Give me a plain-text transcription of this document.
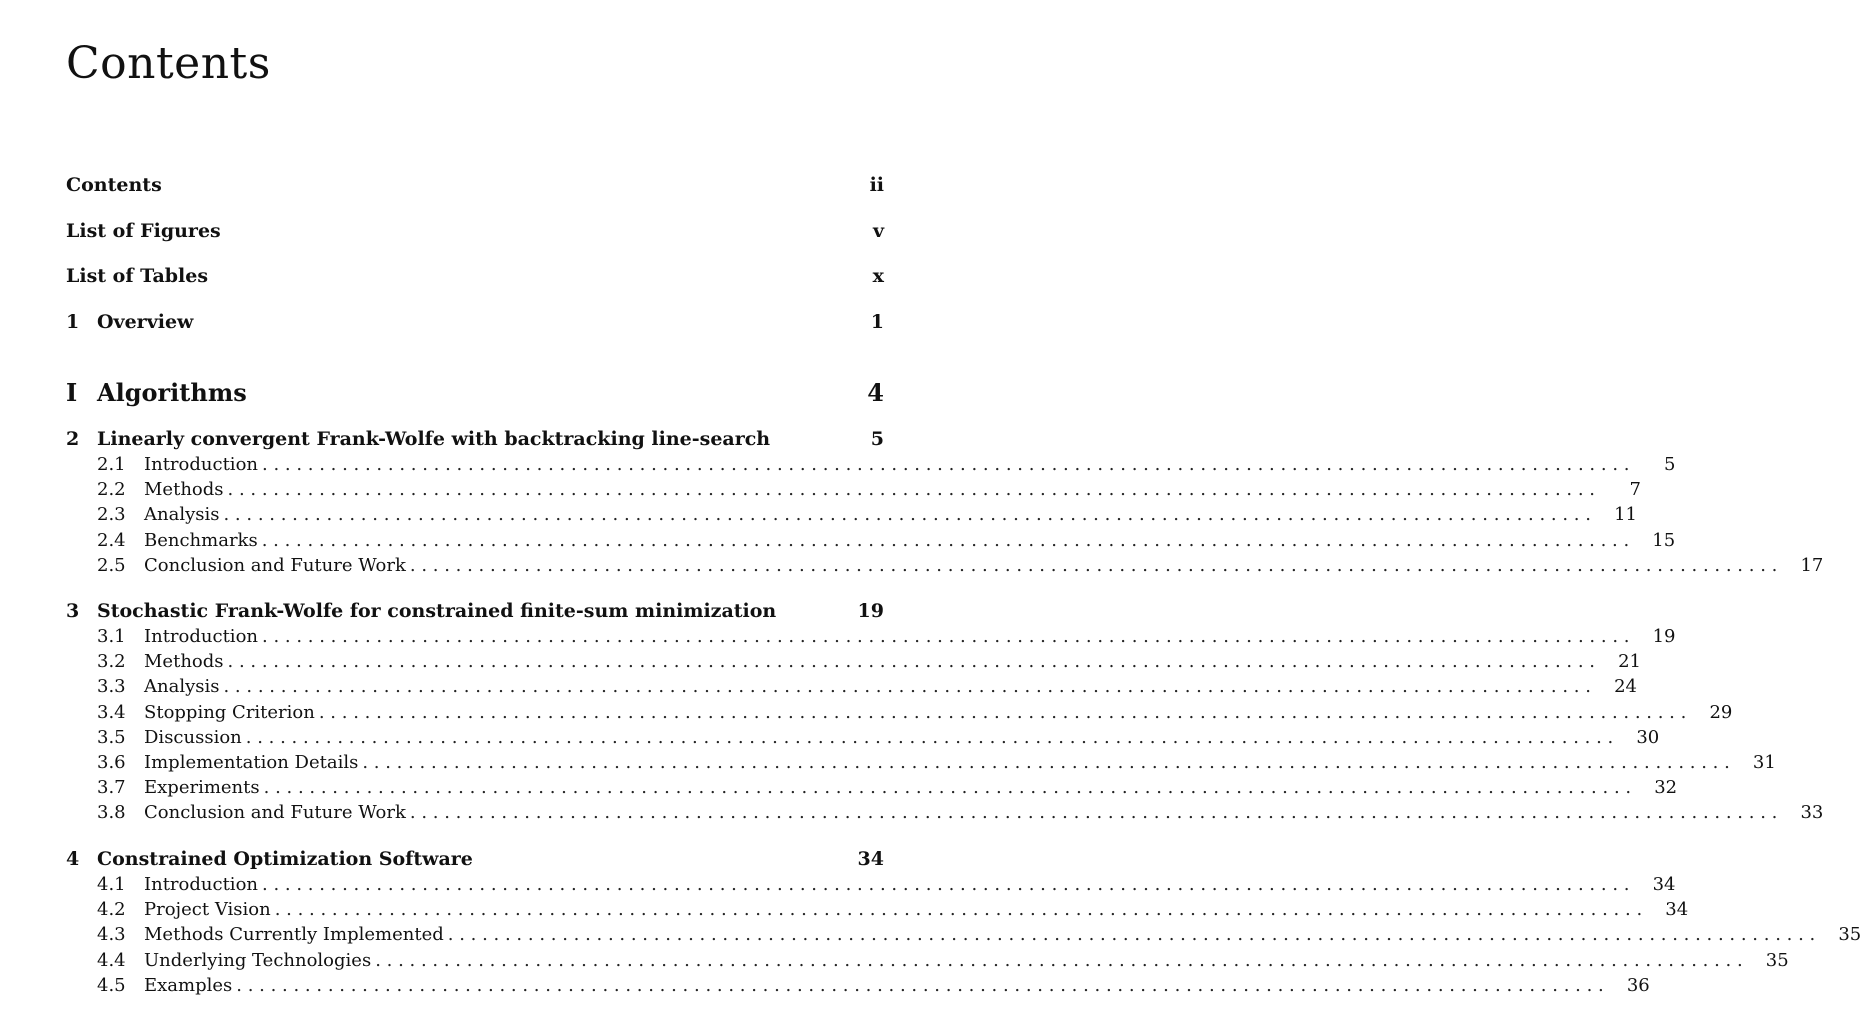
Contents
Contents	ii
List of Figures	v
List of Tables	x
1 Overview	1
I Algorithms	4
2 Linearly convergent Frank-Wolfe with backtracking line-search	5
2.1	Introduction . . . . . . . . . . . . . . . . . . . . . . . . . . . . . . . . . . . . . . . . . . . . . . . . . . . . . . . . . . . . . . . . . . . . . . . . . . . . . . . . . . . . . . . . . . . . . . . . . . . . . . . . . . . . . . . . . . . . . . . .	5
2.2	Methods . . . . . . . . . . . . . . . . . . . . . . . . . . . . . . . . . . . . . . . . . . . . . . . . . . . . . . . . . . . . . . . . . . . . . . . . . . . . . . . . . . . . . . . . . . . . . . . . . . . . . . . . . . . . . . . . . . . . . . . .	7
2.3	Analysis . . . . . . . . . . . . . . . . . . . . . . . . . . . . . . . . . . . . . . . . . . . . . . . . . . . . . . . . . . . . . . . . . . . . . . . . . . . . . . . . . . . . . . . . . . . . . . . . . . . . . . . . . . . . . . . . . . . . . . . .	11
2.4	Benchmarks . . . . . . . . . . . . . . . . . . . . . . . . . . . . . . . . . . . . . . . . . . . . . . . . . . . . . . . . . . . . . . . . . . . . . . . . . . . . . . . . . . . . . . . . . . . . . . . . . . . . . . . . . . . . . . . . . . . . . . . .	15
2.5	Conclusion and Future Work . . . . . . . . . . . . . . . . . . . . . . . . . . . . . . . . . . . . . . . . . . . . . . . . . . . . . . . . . . . . . . . . . . . . . . . . . . . . . . . . . . . . . . . . . . . . . . . . . . . . . . . . . . . . . . . . . . . . . . . .	17
3 Stochastic Frank-Wolfe for constrained finite-sum minimization	19
3.1	Introduction . . . . . . . . . . . . . . . . . . . . . . . . . . . . . . . . . . . . . . . . . . . . . . . . . . . . . . . . . . . . . . . . . . . . . . . . . . . . . . . . . . . . . . . . . . . . . . . . . . . . . . . . . . . . . . . . . . . . . . . .	19
3.2	Methods . . . . . . . . . . . . . . . . . . . . . . . . . . . . . . . . . . . . . . . . . . . . . . . . . . . . . . . . . . . . . . . . . . . . . . . . . . . . . . . . . . . . . . . . . . . . . . . . . . . . . . . . . . . . . . . . . . . . . . . .	21
3.3	Analysis . . . . . . . . . . . . . . . . . . . . . . . . . . . . . . . . . . . . . . . . . . . . . . . . . . . . . . . . . . . . . . . . . . . . . . . . . . . . . . . . . . . . . . . . . . . . . . . . . . . . . . . . . . . . . . . . . . . . . . . .	24
3.4	Stopping Criterion . . . . . . . . . . . . . . . . . . . . . . . . . . . . . . . . . . . . . . . . . . . . . . . . . . . . . . . . . . . . . . . . . . . . . . . . . . . . . . . . . . . . . . . . . . . . . . . . . . . . . . . . . . . . . . . . . . . . . . . .	29
3.5	Discussion . . . . . . . . . . . . . . . . . . . . . . . . . . . . . . . . . . . . . . . . . . . . . . . . . . . . . . . . . . . . . . . . . . . . . . . . . . . . . . . . . . . . . . . . . . . . . . . . . . . . . . . . . . . . . . . . . . . . . . . .	30
3.6	Implementation Details . . . . . . . . . . . . . . . . . . . . . . . . . . . . . . . . . . . . . . . . . . . . . . . . . . . . . . . . . . . . . . . . . . . . . . . . . . . . . . . . . . . . . . . . . . . . . . . . . . . . . . . . . . . . . . . . . . . . . . . .	31
3.7	Experiments . . . . . . . . . . . . . . . . . . . . . . . . . . . . . . . . . . . . . . . . . . . . . . . . . . . . . . . . . . . . . . . . . . . . . . . . . . . . . . . . . . . . . . . . . . . . . . . . . . . . . . . . . . . . . . . . . . . . . . . .	32
3.8	Conclusion and Future Work . . . . . . . . . . . . . . . . . . . . . . . . . . . . . . . . . . . . . . . . . . . . . . . . . . . . . . . . . . . . . . . . . . . . . . . . . . . . . . . . . . . . . . . . . . . . . . . . . . . . . . . . . . . . . . . . . . . . . . . .	33
4 Constrained Optimization Software	34
4.1	Introduction . . . . . . . . . . . . . . . . . . . . . . . . . . . . . . . . . . . . . . . . . . . . . . . . . . . . . . . . . . . . . . . . . . . . . . . . . . . . . . . . . . . . . . . . . . . . . . . . . . . . . . . . . . . . . . . . . . . . . . . .	34
4.2	Project Vision . . . . . . . . . . . . . . . . . . . . . . . . . . . . . . . . . . . . . . . . . . . . . . . . . . . . . . . . . . . . . . . . . . . . . . . . . . . . . . . . . . . . . . . . . . . . . . . . . . . . . . . . . . . . . . . . . . . . . . . .	34
4.3	Methods Currently Implemented . . . . . . . . . . . . . . . . . . . . . . . . . . . . . . . . . . . . . . . . . . . . . . . . . . . . . . . . . . . . . . . . . . . . . . . . . . . . . . . . . . . . . . . . . . . . . . . . . . . . . . . . . . . . . . . . . . . . . . . .	35
4.4	Underlying Technologies . . . . . . . . . . . . . . . . . . . . . . . . . . . . . . . . . . . . . . . . . . . . . . . . . . . . . . . . . . . . . . . . . . . . . . . . . . . . . . . . . . . . . . . . . . . . . . . . . . . . . . . . . . . . . . . . . . . . . . . .	35
4.5	Examples . . . . . . . . . . . . . . . . . . . . . . . . . . . . . . . . . . . . . . . . . . . . . . . . . . . . . . . . . . . . . . . . . . . . . . . . . . . . . . . . . . . . . . . . . . . . . . . . . . . . . . . . . . . . . . . . . . . . . . . .	36
